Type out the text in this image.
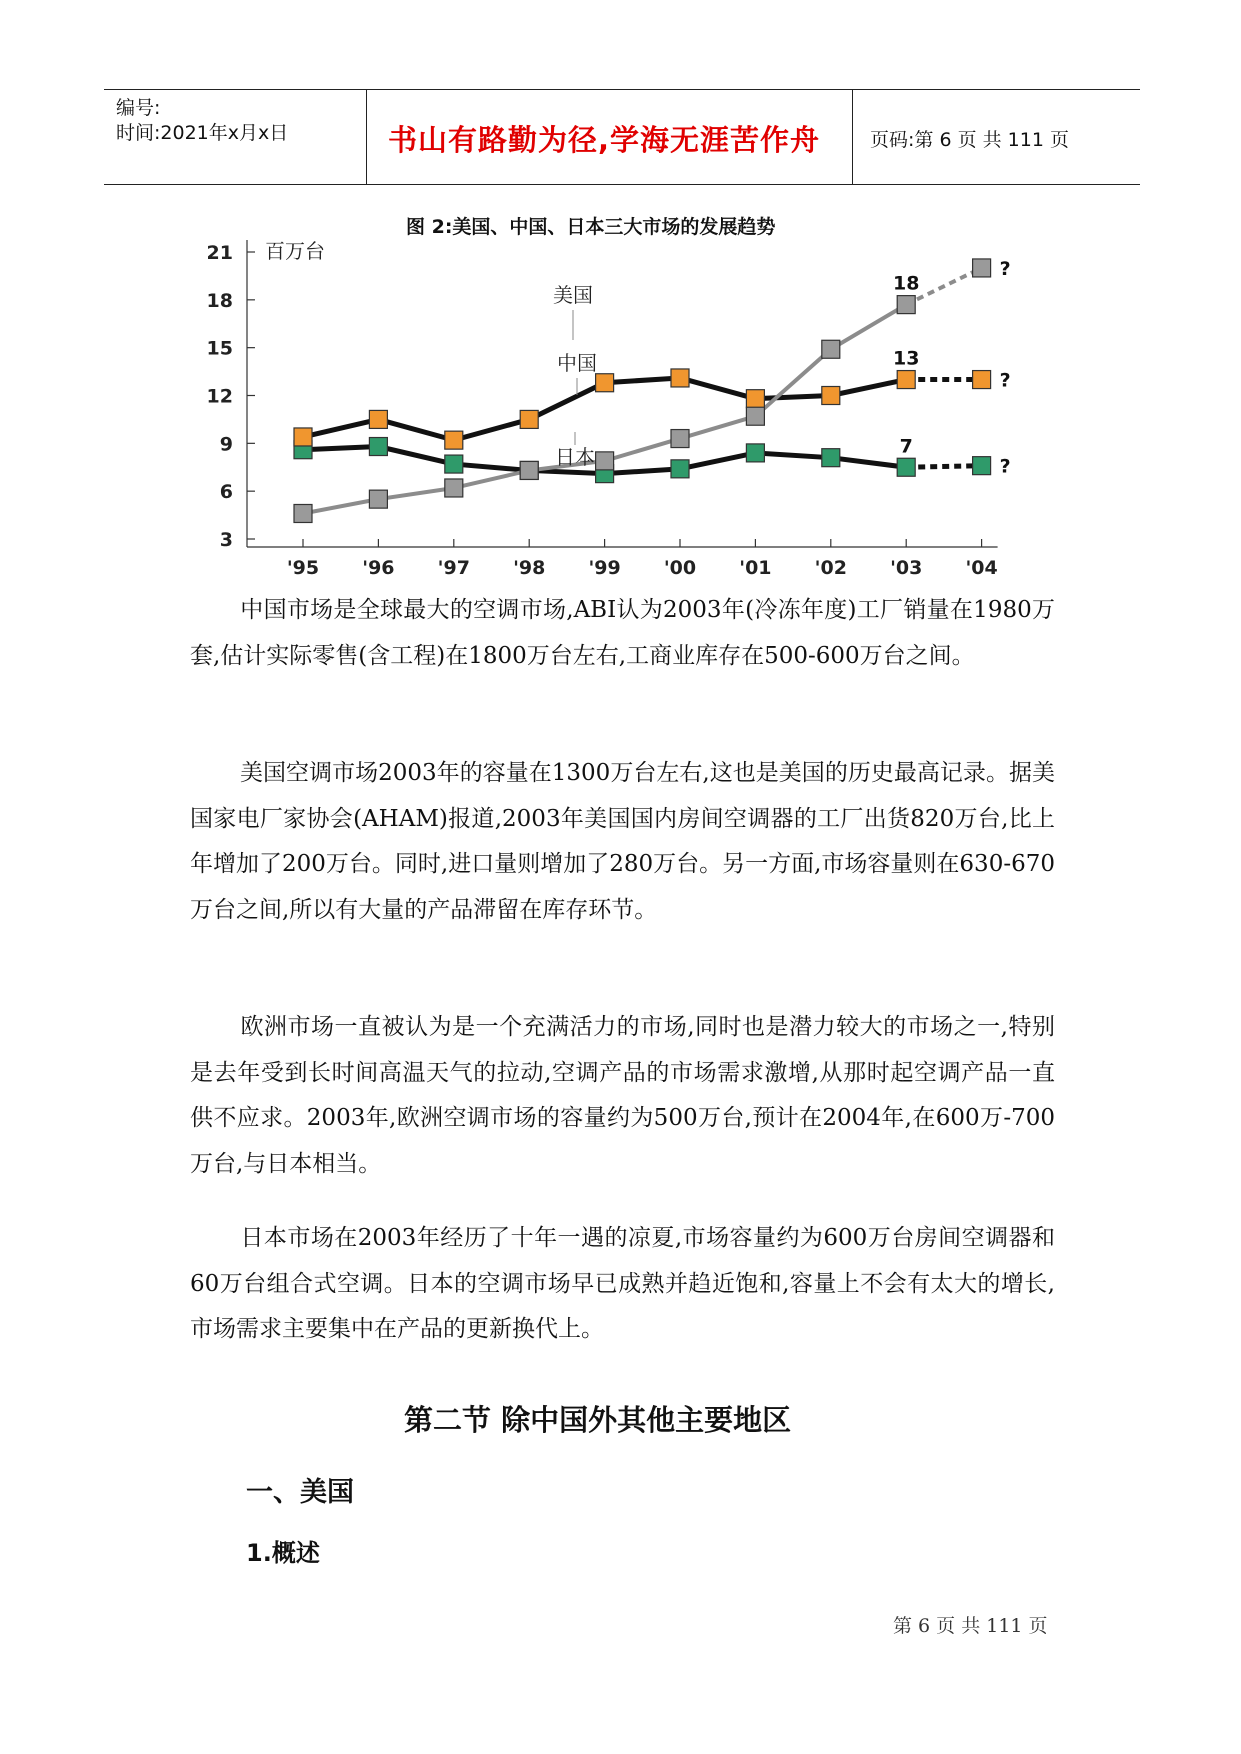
编号:
时间:2021年x月x日	书山有路勤为径,学海无涯苦作舟	页码:第 6 页 共 111 页
图 2:美国、中国、日本三大市场的发展趋势
21
18
15
12
9
6
3
百万台
'95 '96 '97 '98 '99 '00 '01 '02 '03 '04
?
?
?
18
13
7
美国
中国
日本
中国市场是全球最大的空调市场,ABI认为2003年(冷冻年度)工厂销量在1980万套,估计实际零售(含工程)在1800万台左右,工商业库存在500-600万台之间。
美国空调市场2003年的容量在1300万台左右,这也是美国的历史最高记录。据美国家电厂家协会(AHAM)报道,2003年美国国内房间空调器的工厂出货820万台,比上年增加了200万台。同时,进口量则增加了280万台。另一方面,市场容量则在630-670万台之间,所以有大量的产品滞留在库存环节。
欧洲市场一直被认为是一个充满活力的市场,同时也是潜力较大的市场之一,特别是去年受到长时间高温天气的拉动,空调产品的市场需求激增,从那时起空调产品一直供不应求。2003年,欧洲空调市场的容量约为500万台,预计在2004年,在600万-700万台,与日本相当。
日本市场在2003年经历了十年一遇的凉夏,市场容量约为600万台房间空调器和60万台组合式空调。日本的空调市场早已成熟并趋近饱和,容量上不会有太大的增长,市场需求主要集中在产品的更新换代上。
第二节 除中国外其他主要地区
一、美国
1.概述
第 6 页 共 111 页
